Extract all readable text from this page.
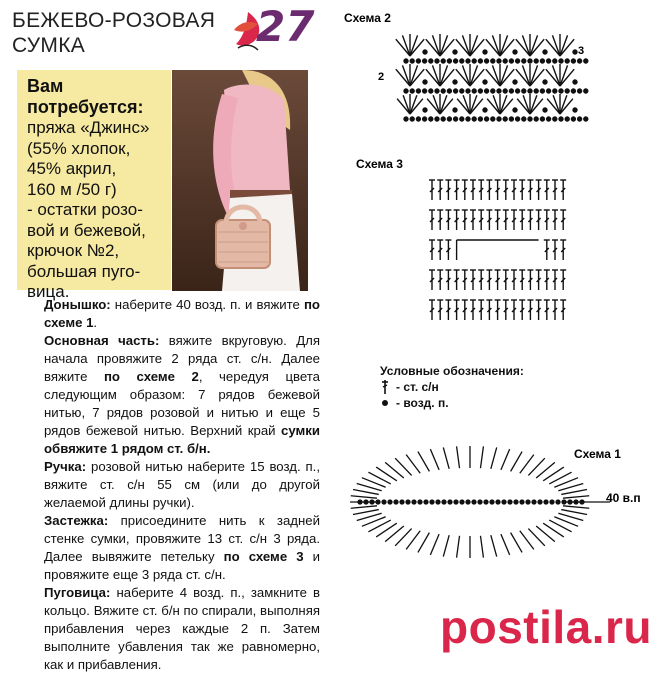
БЕЖЕВО-РОЗОВАЯ
СУМКА	27
Вам
потребуется:
пряжа «Джинс»
(55% хлопок,
45% акрил,
160 м /50 г)
- остатки розо-
вой и бежевой,
крючок №2,
большая пуго-
вица.

Донышко: наберите 40 возд. п. и вяжите по схеме 1.

Основная часть: вяжите вкруговую. Для начала провяжите 2 ряда ст. с/н. Далее вяжите по схеме 2, чередуя цвета следующим образом: 7 рядов бежевой нитью, 7 рядов розовой и нитью и еще 5 рядов бежевой нитью. Верхний край сумки обвяжите 1 рядом ст. б/н.

Ручка: розовой нитью наберите 15 возд. п., вяжите ст. с/н 55 см (или до другой желаемой длины ручки).

Застежка: присоедините нить к задней стенке сумки, провяжите 13 ст. с/н 3 ряда. Далее вывяжите петельку по схеме 3 и провяжите еще 3 ряда ст. с/н.

Пуговица: наберите 4 возд. п., замкните в кольцо. Вяжите ст. б/н по спирали, выполняя прибавления через каждые 2 п. Затем выполните убавления так же равномерно, как и прибавления.

Схема 2
2
3
Схема 3
Условные обозначения:
- ст. с/н
- возд. п.
Схема 1
40 в.п
postila.ru
